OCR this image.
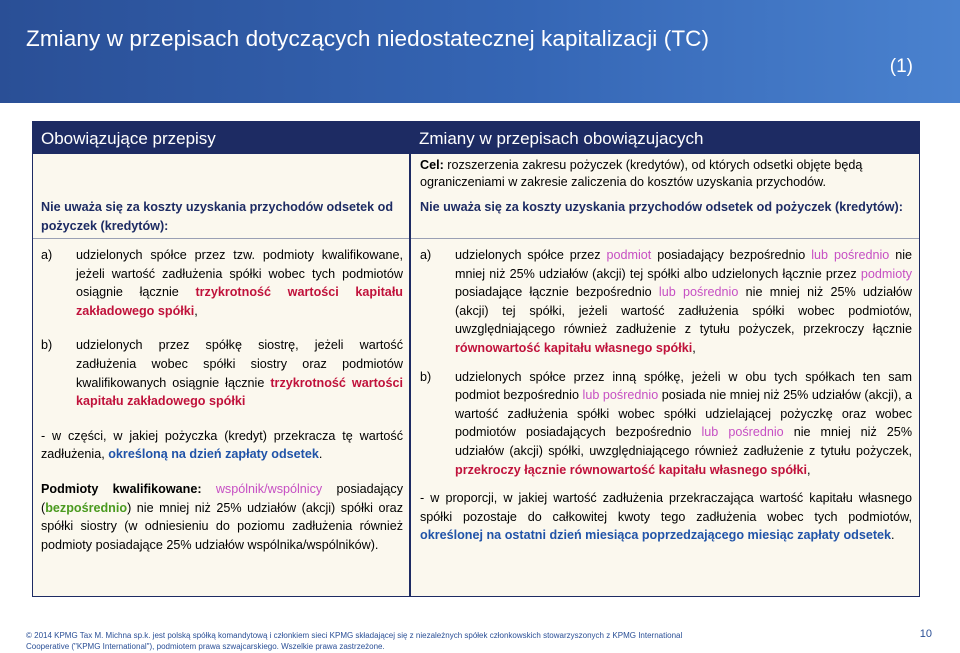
Zmiany w przepisach dotyczących niedostatecznej kapitalizacji (TC)
(1)
Obowiązujące przepisy
Nie uważa się za koszty uzyskania przychodów odsetek od pożyczek (kredytów):
a)	udzielonych spółce przez tzw. podmioty kwalifikowane, jeżeli wartość zadłużenia spółki wobec tych podmiotów osiągnie łącznie trzykrotność wartości kapitału zakładowego spółki,
b)	udzielonych przez spółkę siostrę, jeżeli wartość zadłużenia wobec spółki siostry oraz podmiotów kwalifikowanych osiągnie łącznie trzykrotność wartości kapitału zakładowego spółki
- w części, w jakiej pożyczka (kredyt) przekracza tę wartość zadłużenia, określoną na dzień zapłaty odsetek.
Podmioty kwalifikowane: wspólnik/wspólnicy posiadający (bezpośrednio) nie mniej niż 25% udziałów (akcji) spółki oraz spółki siostry (w odniesieniu do poziomu zadłużenia również podmioty posiadające 25% udziałów wspólnika/wspólników).
Zmiany w przepisach obowiązujacych
Cel: rozszerzenia zakresu pożyczek (kredytów), od których odsetki objęte będą ograniczeniami w zakresie zaliczenia do kosztów uzyskania przychodów.
Nie uważa się za koszty uzyskania przychodów odsetek od pożyczek (kredytów):
a)	udzielonych spółce przez podmiot posiadający bezpośrednio lub pośrednio nie mniej niż 25% udziałów (akcji) tej spółki albo udzielonych łącznie przez podmioty posiadające łącznie bezpośrednio lub pośrednio nie mniej niż 25% udziałów (akcji) tej spółki, jeżeli wartość zadłużenia spółki wobec podmiotów, uwzględniającego również zadłużenie z tytułu pożyczek, przekroczy łącznie równowartość kapitału własnego spółki,
b)	udzielonych spółce przez inną spółkę, jeżeli w obu tych spółkach ten sam podmiot bezpośrednio lub pośrednio posiada nie mniej niż 25% udziałów (akcji), a wartość zadłużenia spółki wobec spółki udzielającej pożyczkę oraz wobec podmiotów posiadających bezpośrednio lub pośrednio nie mniej niż 25% udziałów (akcji) spółki, uwzględniającego również zadłużenie z tytułu pożyczek, przekroczy łącznie równowartość kapitału własnego spółki,
- w proporcji, w jakiej wartość zadłużenia przekraczająca wartość kapitału własnego spółki pozostaje do całkowitej kwoty tego zadłużenia wobec tych podmiotów, określonej na ostatni dzień miesiąca poprzedzającego miesiąc zapłaty odsetek.
© 2014 KPMG Tax M. Michna sp.k. jest polską spółką komandytową i członkiem sieci KPMG składającej się z niezależnych spółek członkowskich stowarzyszonych z KPMG International
Cooperative ("KPMG International"), podmiotem prawa szwajcarskiego. Wszelkie prawa zastrzeżone.
10
